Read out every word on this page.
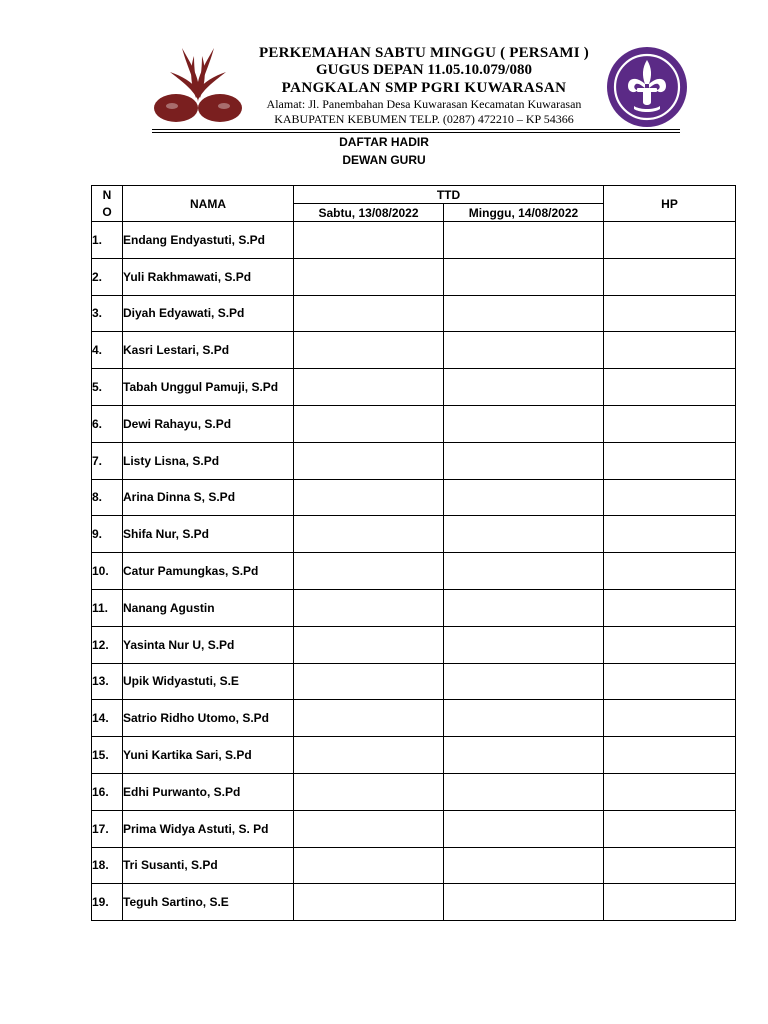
PERKEMAHAN SABTU MINGGU ( PERSAMI )
GUGUS DEPAN 11.05.10.079/080
PANGKALAN SMP PGRI KUWARASAN
Alamat: Jl. Panembahan Desa Kuwarasan Kecamatan Kuwarasan
KABUPATEN KEBUMEN TELP. (0287) 472210 – KP 54366
DAFTAR HADIR
DEWAN GURU
N
O	NAMA	TTD		HP
		Sabtu, 13/08/2022	Minggu, 14/08/2022	
1.	Endang Endyastuti, S.Pd			
2.	Yuli Rakhmawati, S.Pd			
3.	Diyah Edyawati, S.Pd			
4.	Kasri Lestari, S.Pd			
5.	Tabah Unggul Pamuji, S.Pd			
6.	Dewi Rahayu, S.Pd			
7.	Listy Lisna, S.Pd			
8.	Arina Dinna S, S.Pd			
9.	Shifa Nur, S.Pd			
10.	Catur Pamungkas, S.Pd			
11.	Nanang Agustin			
12.	Yasinta Nur U, S.Pd			
13.	Upik Widyastuti, S.E			
14.	Satrio Ridho Utomo, S.Pd			
15.	Yuni Kartika Sari, S.Pd			
16.	Edhi Purwanto, S.Pd			
17.	Prima Widya Astuti, S. Pd			
18.	Tri Susanti, S.Pd			
19.	Teguh Sartino, S.E			
